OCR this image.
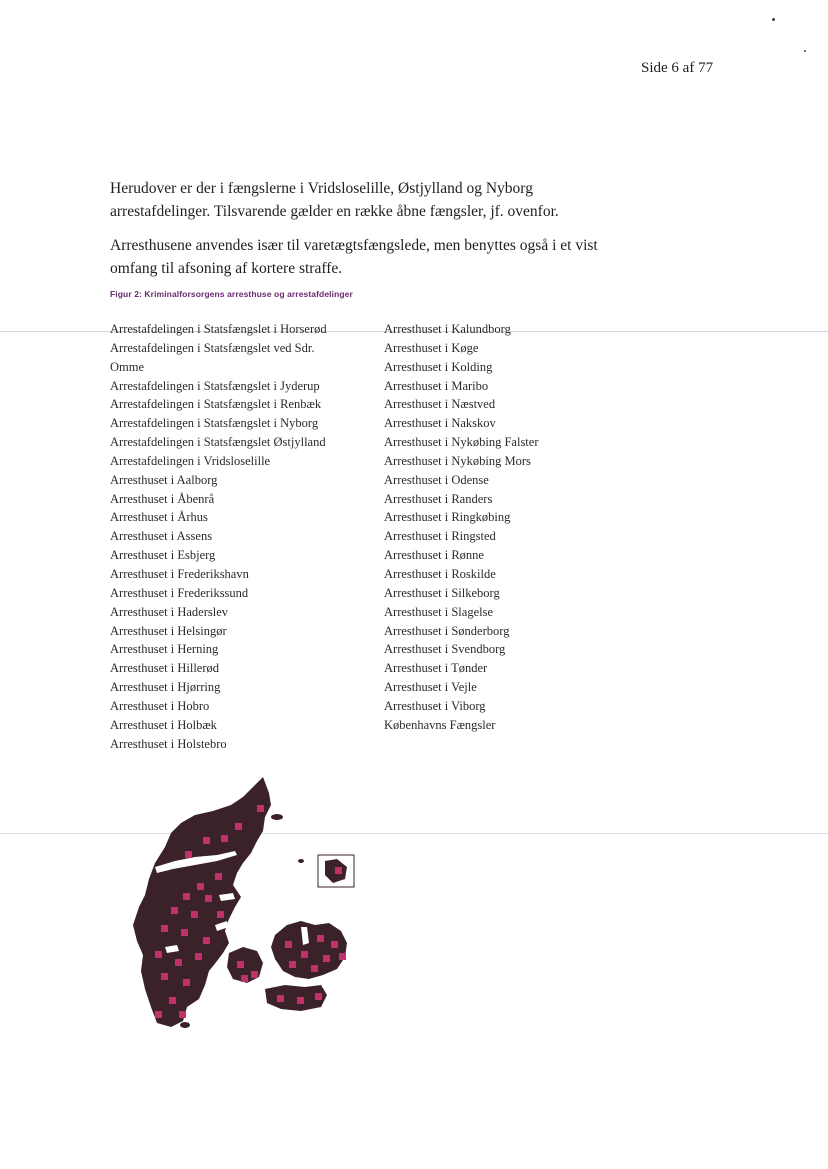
Side 6 af 77

Herudover er der i fængslerne i Vridsloselille, Østjylland og Nyborg arrestafdelinger. Tilsvarende gælder en række åbne fængsler, jf. ovenfor.

Arresthusene anvendes især til varetægtsfængslede, men benyttes også i et vist omfang til afsoning af kortere straffe.

Figur 2: Kriminalforsorgens arresthuse og arrestafdelinger
Arrestafdelingen i Statsfængslet i Horserød
Arrestafdelingen i Statsfængslet ved Sdr.
Omme
Arrestafdelingen i Statsfængslet i Jyderup
Arrestafdelingen i Statsfængslet i Renbæk
Arrestafdelingen i Statsfængslet i Nyborg
Arrestafdelingen i Statsfængslet Østjylland
Arrestafdelingen i Vridsloselille
Arresthuset i Aalborg
Arresthuset i Åbenrå
Arresthuset i Århus
Arresthuset i Assens
Arresthuset i Esbjerg
Arresthuset i Frederikshavn
Arresthuset i Frederikssund
Arresthuset i Haderslev
Arresthuset i Helsingør
Arresthuset i Herning
Arresthuset i Hillerød
Arresthuset i Hjørring
Arresthuset i Hobro
Arresthuset i Holbæk
Arresthuset i Holstebro
Arresthuset i Kalundborg
Arresthuset i Køge
Arresthuset i Kolding
Arresthuset i Maribo
Arresthuset i Næstved
Arresthuset i Nakskov
Arresthuset i Nykøbing Falster
Arresthuset i Nykøbing Mors
Arresthuset i Odense
Arresthuset i Randers
Arresthuset i Ringkøbing
Arresthuset i Ringsted
Arresthuset i Rønne
Arresthuset i Roskilde
Arresthuset i Silkeborg
Arresthuset i Slagelse
Arresthuset i Sønderborg
Arresthuset i Svendborg
Arresthuset i Tønder
Arresthuset i Vejle
Arresthuset i Viborg
Københavns Fængsler
